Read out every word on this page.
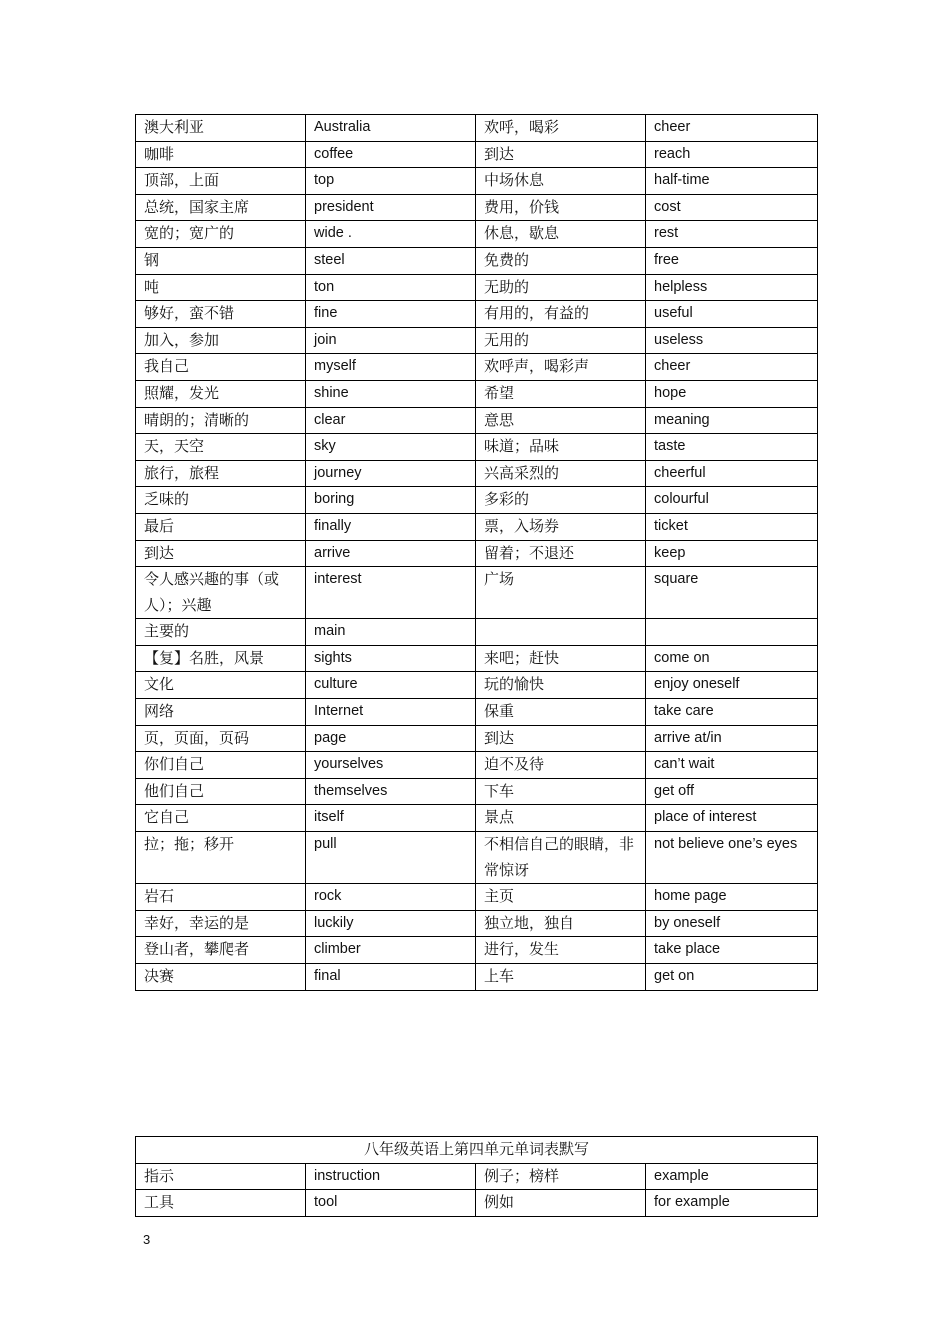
澳大利亚	Australia	欢呼，喝彩	cheer
咖啡	coffee	到达	reach
顶部，上面	top	中场休息	half-time
总统，国家主席	president	费用，价钱	cost
宽的；宽广的	wide .	休息，歇息	rest
钢	steel	免费的	free
吨	ton	无助的	helpless
够好，蛮不错	fine	有用的，有益的	useful
加入，参加	join	无用的	useless
我自己	myself	欢呼声，喝彩声	cheer
照耀，发光	shine	希望	hope
晴朗的；清晰的	clear	意思	meaning
天，天空	sky	味道；品味	taste
旅行，旅程	journey	兴高采烈的	cheerful
乏味的	boring	多彩的	colourful
最后	finally	票，入场券	ticket
到达	arrive	留着；不退还	keep
令人感兴趣的事（或人）；兴趣	interest	广场	square
主要的	main		
【复】名胜，风景	sights	来吧；赶快	come on
文化	culture	玩的愉快	enjoy oneself
网络	Internet	保重	take care
页，页面，页码	page	到达	arrive at/in
你们自己	yourselves	迫不及待	can’t wait
他们自己	themselves	下车	get off
它自己	itself	景点	place of interest
拉；拖；移开	pull	不相信自己的眼睛，非常惊讶	not believe one’s eyes
岩石	rock	主页	home page
幸好，幸运的是	luckily	独立地，独自	by oneself
登山者，攀爬者	climber	进行，发生	take place
决赛	final	上车	get on
八年级英语上第四单元单词表默写			
指示	instruction	例子；榜样	example
工具	tool	例如	for example
3
